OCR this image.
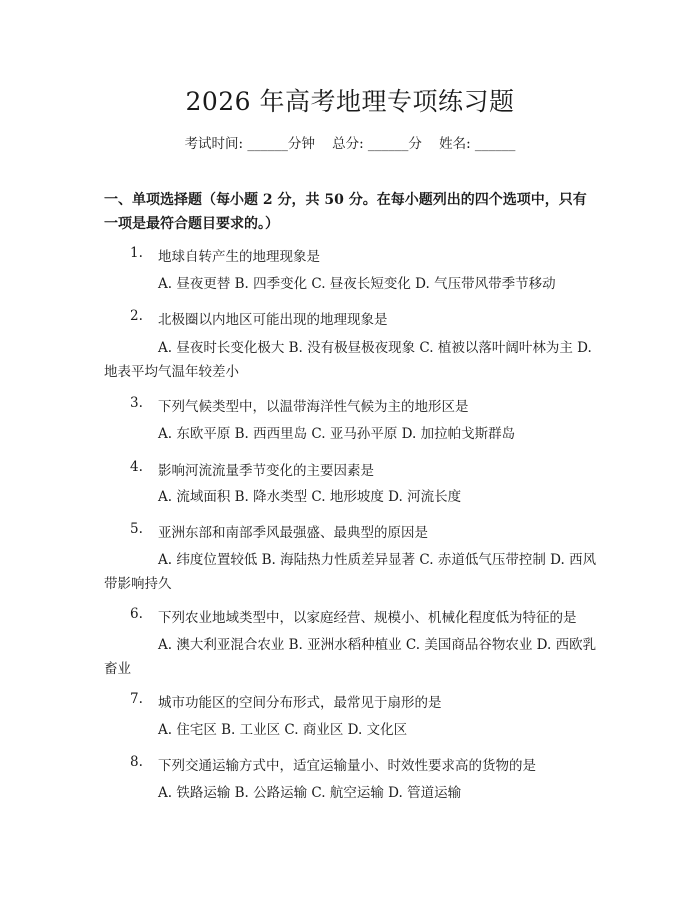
2026 年高考地理专项练习题
考试时间: ______分钟    总分: ______分    姓名: ______
一、单项选择题（每小题 2 分，共 50 分。在每小题列出的四个选项中，只有一项是最符合题目要求的。）
1. 地球自转产生的地理现象是
A. 昼夜更替 B. 四季变化 C. 昼夜长短变化 D. 气压带风带季节移动
2. 北极圈以内地区可能出现的地理现象是
A. 昼夜时长变化极大 B. 没有极昼极夜现象 C. 植被以落叶阔叶林为主 D. 地表平均气温年较差小
3. 下列气候类型中，以温带海洋性气候为主的地形区是
A. 东欧平原 B. 西西里岛 C. 亚马孙平原 D. 加拉帕戈斯群岛
4. 影响河流流量季节变化的主要因素是
A. 流域面积 B. 降水类型 C. 地形坡度 D. 河流长度
5. 亚洲东部和南部季风最强盛、最典型的原因是
A. 纬度位置较低 B. 海陆热力性质差异显著 C. 赤道低气压带控制 D. 西风带影响持久
6. 下列农业地域类型中，以家庭经营、规模小、机械化程度低为特征的是
A. 澳大利亚混合农业 B. 亚洲水稻种植业 C. 美国商品谷物农业 D. 西欧乳畜业
7. 城市功能区的空间分布形式，最常见于扇形的是
A. 住宅区 B. 工业区 C. 商业区 D. 文化区
8. 下列交通运输方式中，适宜运输量小、时效性要求高的货物的是
A. 铁路运输 B. 公路运输 C. 航空运输 D. 管道运输
